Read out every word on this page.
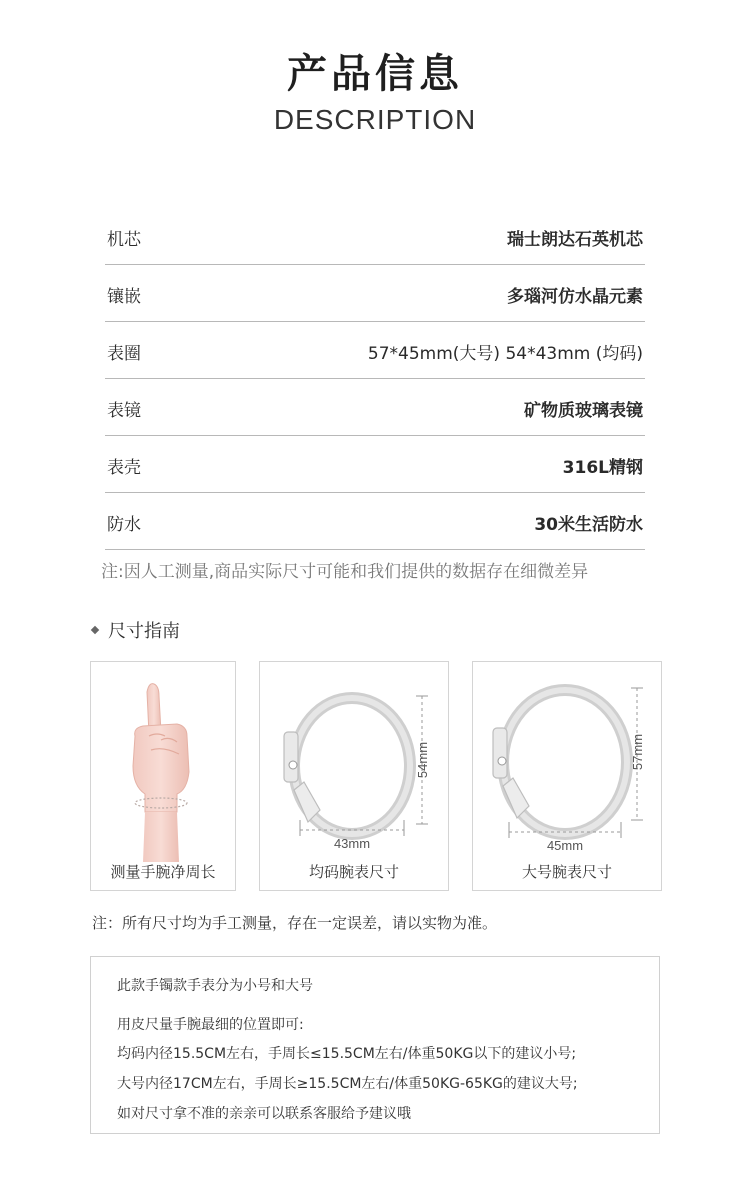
产品信息
DESCRIPTION
机芯	瑞士朗达石英机芯
镶嵌	多瑙河仿水晶元素
表圈	57*45mm(大号) 54*43mm (均码)
表镜	矿物质玻璃表镜
表壳	316L精钢
防水	30米生活防水
注:因人工测量,商品实际尺寸可能和我们提供的数据存在细微差异
尺寸指南
测量手腕净周长
43mm
54mm
均码腕表尺寸
45mm
57mm
大号腕表尺寸
注：所有尺寸均为手工测量，存在一定误差，请以实物为准。
此款手镯款手表分为小号和大号
用皮尺量手腕最细的位置即可:
均码内径15.5CM左右，手周长≤15.5CM左右/体重50KG以下的建议小号;
大号内径17CM左右，手周长≥15.5CM左右/体重50KG-65KG的建议大号;
如对尺寸拿不准的亲亲可以联系客服给予建议哦
